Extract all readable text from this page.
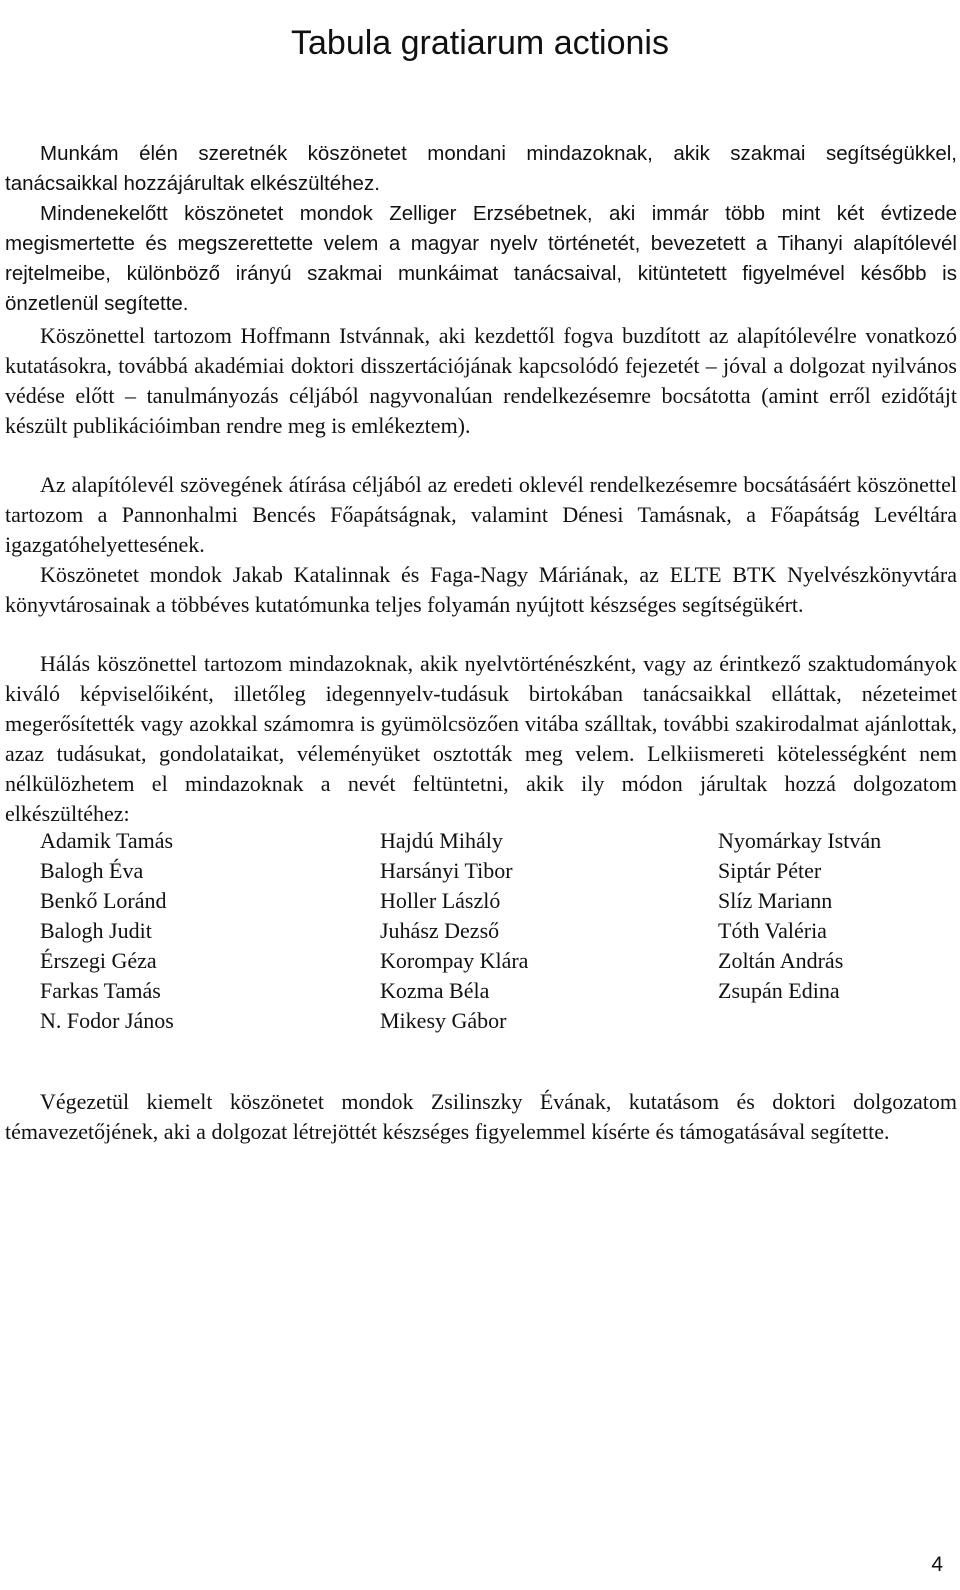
Tabula gratiarum actionis

Munkám élén szeretnék köszönetet mondani mindazoknak, akik szakmai segítségükkel, tanácsaikkal hozzájárultak elkészültéhez.

Mindenekelőtt köszönetet mondok Zelliger Erzsébetnek, aki immár több mint két évtizede megismertette és megszerettette velem a magyar nyelv történetét, bevezetett a Tihanyi alapítólevél rejtelmeibe, különböző irányú szakmai munkáimat tanácsaival, kitüntetett figyelmével később is önzetlenül segítette.

Köszönettel tartozom Hoffmann Istvánnak, aki kezdettől fogva buzdított az alapítólevélre vonatkozó kutatásokra, továbbá akadémiai doktori disszertációjának kapcsolódó fejezetét – jóval a dolgozat nyilvános védése előtt – tanulmányozás céljából nagyvonalúan rendelkezésemre bocsátotta (amint erről ezidőtájt készült publikációimban rendre meg is emlékeztem).

Az alapítólevél szövegének átírása céljából az eredeti oklevél rendelkezésemre bocsátásáért köszönettel tartozom a Pannonhalmi Bencés Főapátságnak, valamint Dénesi Tamásnak, a Főapátság Levéltára igazgatóhelyettesének.

Köszönetet mondok Jakab Katalinnak és Faga-Nagy Máriának, az ELTE BTK Nyelvészkönyvtára könyvtárosainak a többéves kutatómunka teljes folyamán nyújtott készséges segítségükért.

Hálás köszönettel tartozom mindazoknak, akik nyelvtörténészként, vagy az érintkező szaktudományok kiváló képviselőiként, illetőleg idegennyelv-tudásuk birtokában tanácsaikkal elláttak, nézeteimet megerősítették vagy azokkal számomra is gyümölcsözően vitába szálltak, további szakirodalmat ajánlottak, azaz tudásukat, gondolataikat, véleményüket osztották meg velem. Lelkiismereti kötelességként nem nélkülözhetem el mindazoknak a nevét feltüntetni, akik ily módon járultak hozzá dolgozatom elkészültéhez:

Adamik Tamás
Balogh Éva
Benkő Loránd
Balogh Judit
Érszegi Géza
Farkas Tamás
N. Fodor János
Hajdú Mihály
Harsányi Tibor
Holler László
Juhász Dezső
Korompay Klára
Kozma Béla
Mikesy Gábor
Nyomárkay István
Siptár Péter
Slíz Mariann
Tóth Valéria
Zoltán András
Zsupán Edina

Végezetül kiemelt köszönetet mondok Zsilinszky Évának, kutatásom és doktori dolgozatom témavezetőjének, aki a dolgozat létrejöttét készséges figyelemmel kísérte és támogatásával segítette.

4
